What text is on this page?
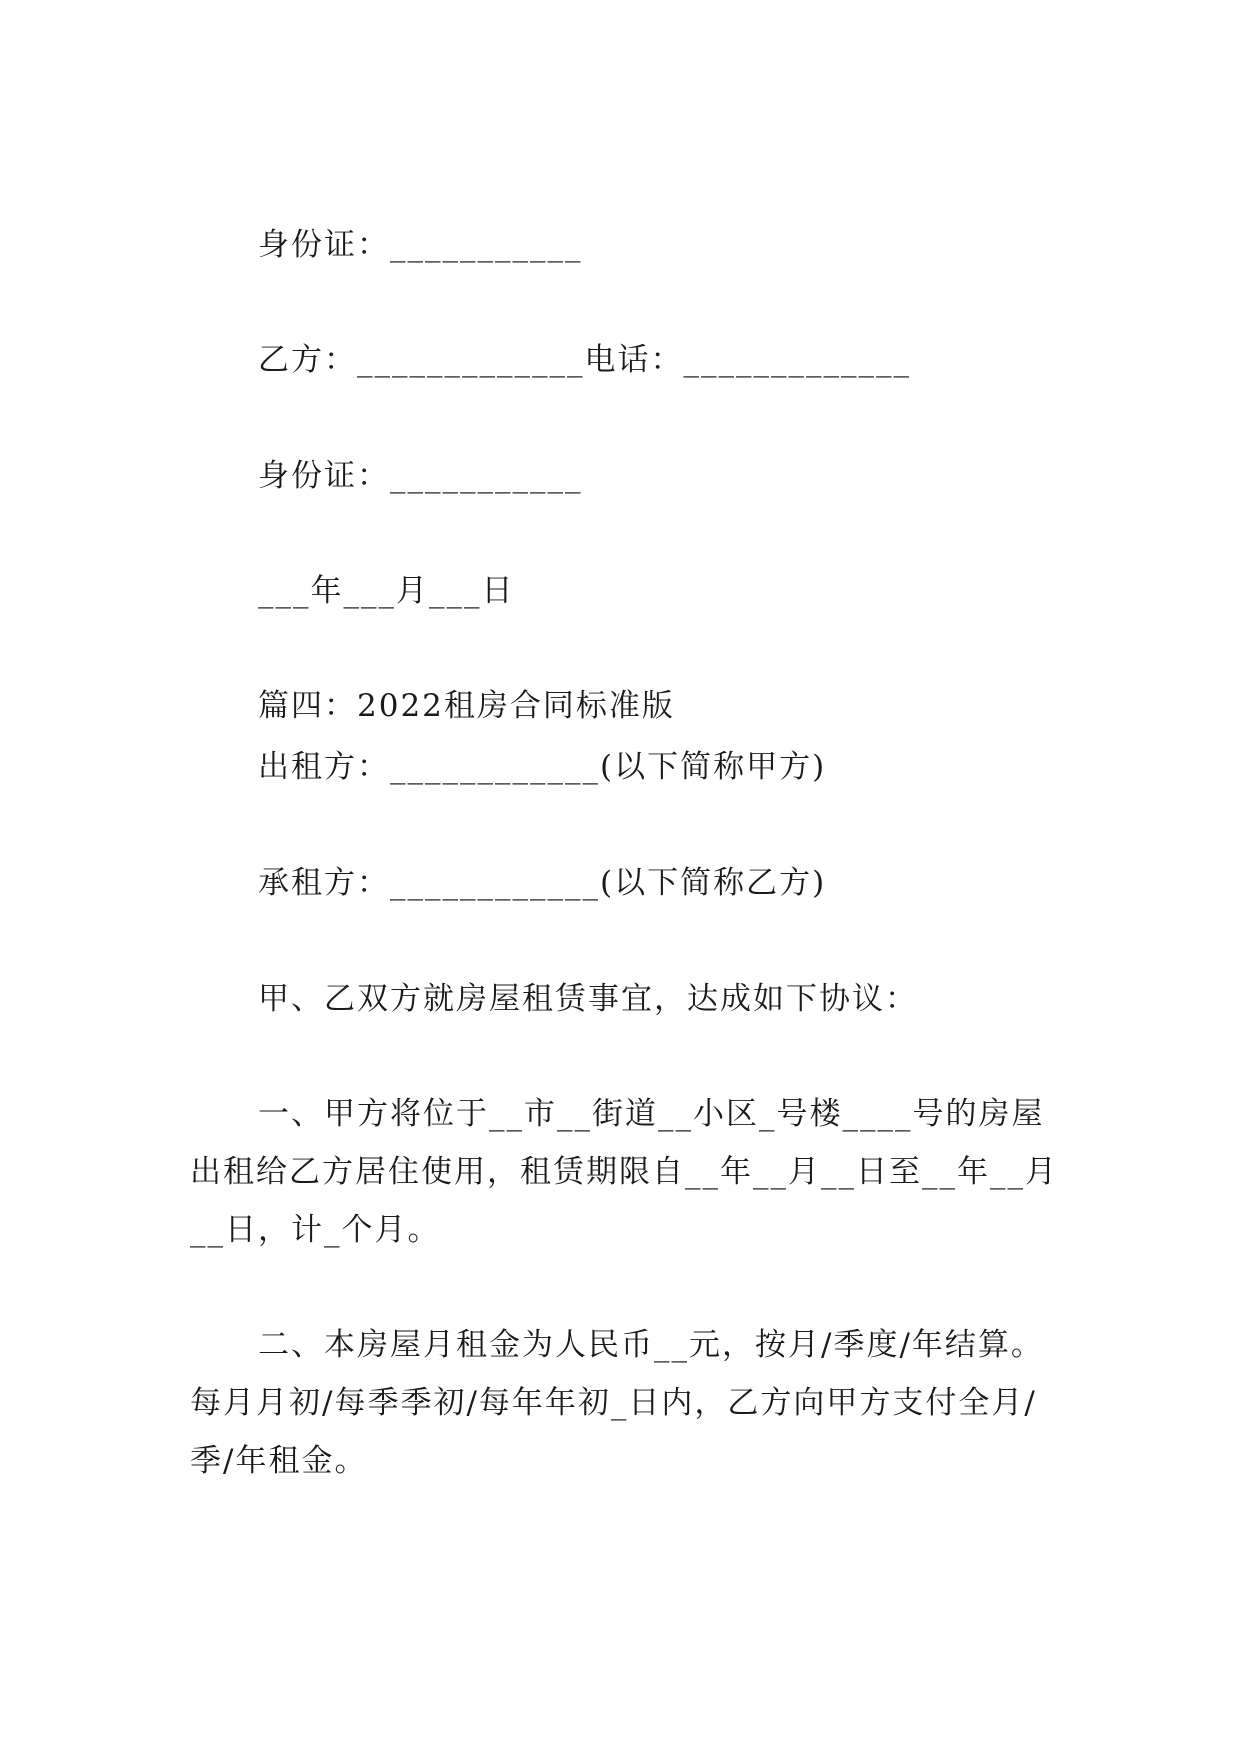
身份证：___________
乙方：_____________电话：_____________
身份证：___________
___年___月___日
篇四：2022租房合同标准版
出租方：____________(以下简称甲方)
承租方：____________(以下简称乙方)
甲、乙双方就房屋租赁事宜，达成如下协议：
一、甲方将位于__市__街道__小区_号楼____号的房屋
出租给乙方居住使用，租赁期限自__年__月__日至__年__月
__日，计_个月。
二、本房屋月租金为人民币__元，按月/季度/年结算。
每月月初/每季季初/每年年初_日内，乙方向甲方支付全月/
季/年租金。
